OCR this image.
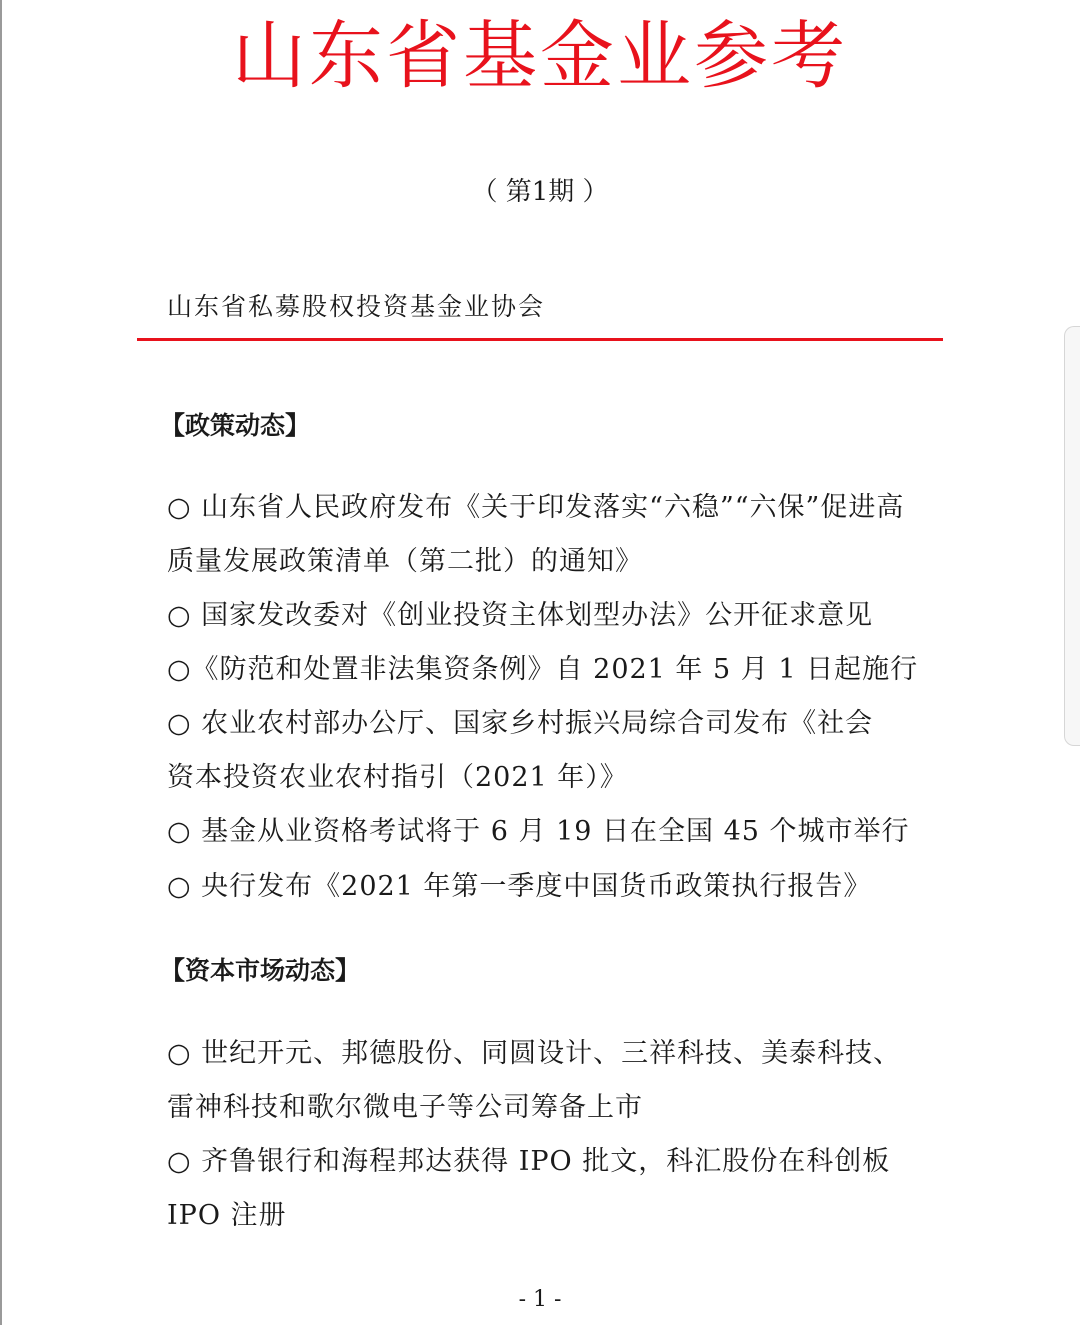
山东省基金业参考
（ 第1期 ）
山东省私募股权投资基金业协会
【政策动态】
○ 山东省人民政府发布《关于印发落实“六稳”“六保”促进高
质量发展政策清单（第二批）的通知》
○ 国家发改委对《创业投资主体划型办法》公开征求意见
○《防范和处置非法集资条例》自 2021 年 5 月 1 日起施行
○ 农业农村部办公厅、国家乡村振兴局综合司发布《社会
资本投资农业农村指引（2021 年）》
○ 基金从业资格考试将于 6 月 19 日在全国 45 个城市举行
○ 央行发布《2021 年第一季度中国货币政策执行报告》
【资本市场动态】
○ 世纪开元、邦德股份、同圆设计、三祥科技、美泰科技、
雷神科技和歌尔微电子等公司筹备上市
○ 齐鲁银行和海程邦达获得 IPO 批文，科汇股份在科创板
IPO 注册
- 1 -
